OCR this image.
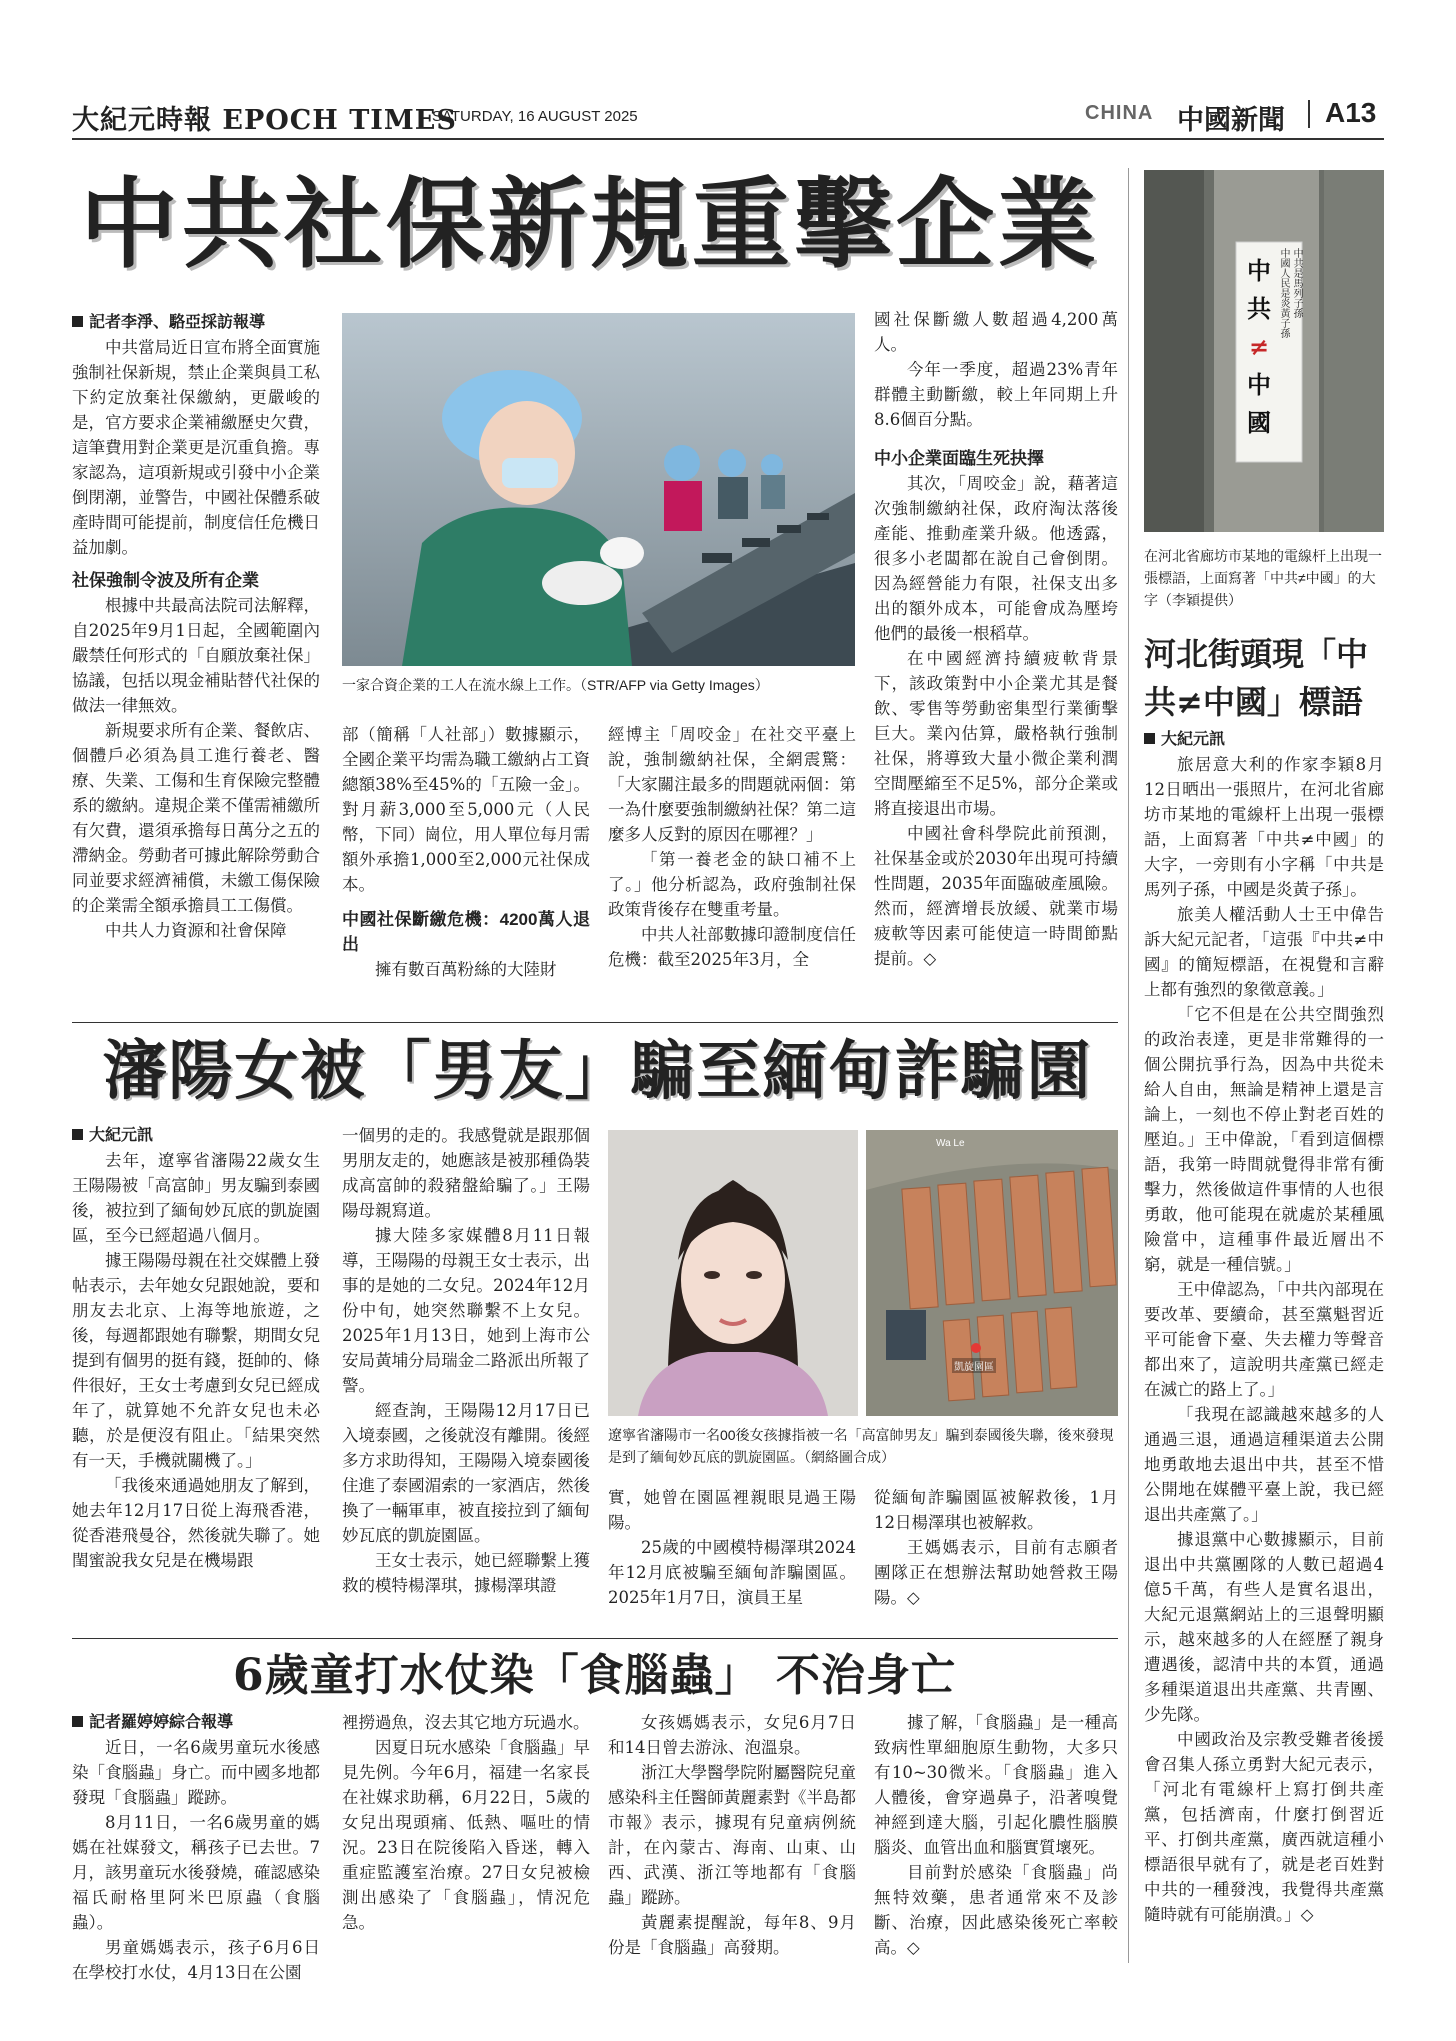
大紀元時報 EPOCH TIMES
SATURDAY, 16 AUGUST 2025	CHINA 中國新聞 A13
中共社保新規重擊企業

記者李淨、駱亞採訪報導

中共當局近日宣布將全面實施強制社保新規，禁止企業與員工私下約定放棄社保繳納，更嚴峻的是，官方要求企業補繳歷史欠費，這筆費用對企業更是沉重負擔。專家認為，這項新規或引發中小企業倒閉潮，並警告，中國社保體系破產時間可能提前，制度信任危機日益加劇。

社保強制令波及所有企業

根據中共最高法院司法解釋，自2025年9月1日起，全國範圍內嚴禁任何形式的「自願放棄社保」協議，包括以現金補貼替代社保的做法一律無效。

新規要求所有企業、餐飲店、個體戶必須為員工進行養老、醫療、失業、工傷和生育保險完整體系的繳納。違規企業不僅需補繳所有欠費，還須承擔每日萬分之五的滯納金。勞動者可據此解除勞動合同並要求經濟補償，未繳工傷保險的企業需全額承擔員工工傷償。

中共人力資源和社會保障

一家合資企業的工人在流水線上工作。（STR/AFP via Getty Images）

部（簡稱「人社部」）數據顯示，全國企業平均需為職工繳納占工資總額38%至45%的「五險一金」。對月薪3,000至5,000元（人民幣，下同）崗位，用人單位每月需額外承擔1,000至2,000元社保成本。

中國社保斷繳危機：4200萬人退出

擁有數百萬粉絲的大陸財

經博主「周咬金」在社交平臺上說，強制繳納社保，全網震驚：「大家關注最多的問題就兩個：第一為什麼要強制繳納社保？第二這麼多人反對的原因在哪裡？」

「第一養老金的缺口補不上了。」他分析認為，政府強制社保政策背後存在雙重考量。

中共人社部數據印證制度信任危機：截至2025年3月，全

國社保斷繳人數超過4,200萬人。

今年一季度，超過23%青年群體主動斷繳，較上年同期上升8.6個百分點。

中小企業面臨生死抉擇

其次，「周咬金」說，藉著這次強制繳納社保，政府淘汰落後產能、推動產業升級。他透露，很多小老闆都在說自己會倒閉。因為經營能力有限，社保支出多出的額外成本，可能會成為壓垮他們的最後一根稻草。

在中國經濟持續疲軟背景下，該政策對中小企業尤其是餐飲、零售等勞動密集型行業衝擊巨大。業內估算，嚴格執行強制社保，將導致大量小微企業利潤空間壓縮至不足5%，部分企業或將直接退出市場。

中國社會科學院此前預測，社保基金或於2030年出現可持續性問題，2035年面臨破產風險。然而，經濟增長放緩、就業市場疲軟等因素可能使這一時間節點提前。◇

中共是馬列子孫
中國人民是炎黃子孫
中
共
≠
中
國
在河北省廊坊市某地的電線杆上出現一張標語，上面寫著「中共≠中國」的大字（李穎提供）
河北街頭現「中共≠中國」標語

大紀元訊

旅居意大利的作家李穎8月12日晒出一張照片，在河北省廊坊市某地的電線杆上出現一張標語，上面寫著「中共≠中國」的大字，一旁則有小字稱「中共是馬列子孫，中國是炎黃子孫」。

旅美人權活動人士王中偉告訴大紀元記者，「這張『中共≠中國』的簡短標語，在視覺和言辭上都有強烈的象徵意義。」

「它不但是在公共空間強烈的政治表達，更是非常難得的一個公開抗爭行為，因為中共從未給人自由，無論是精神上還是言論上，一刻也不停止對老百姓的壓迫。」王中偉說，「看到這個標語，我第一時間就覺得非常有衝擊力，然後做這件事情的人也很勇敢，他可能現在就處於某種風險當中，這種事件最近層出不窮，就是一種信號。」

王中偉認為，「中共內部現在要改革、要續命，甚至黨魁習近平可能會下臺、失去權力等聲音都出來了，這說明共產黨已經走在滅亡的路上了。」

「我現在認識越來越多的人通過三退，通過這種渠道去公開地勇敢地去退出中共，甚至不惜公開地在媒體平臺上說，我已經退出共產黨了。」

據退黨中心數據顯示，目前退出中共黨團隊的人數已超過4億5千萬，有些人是實名退出，大紀元退黨網站上的三退聲明顯示，越來越多的人在經歷了親身遭遇後，認清中共的本質，通過多種渠道退出共產黨、共青團、少先隊。

中國政治及宗教受難者後援會召集人孫立勇對大紀元表示，「河北有電線杆上寫打倒共產黨，包括濟南，什麼打倒習近平、打倒共產黨，廣西就這種小標語很早就有了，就是老百姓對中共的一種發洩，我覺得共產黨隨時就有可能崩潰。」◇

瀋陽女被「男友」騙至緬甸詐騙園

大紀元訊

去年，遼寧省瀋陽22歲女生王陽陽被「高富帥」男友騙到泰國後，被拉到了緬甸妙瓦底的凱旋園區，至今已經超過八個月。

據王陽陽母親在社交媒體上發帖表示，去年她女兒跟她說，要和朋友去北京、上海等地旅遊，之後，每週都跟她有聯繫，期間女兒提到有個男的挺有錢，挺帥的、條件很好，王女士考慮到女兒已經成年了，就算她不允許女兒也未必聽，於是便沒有阻止。「結果突然有一天，手機就關機了。」

「我後來通過她朋友了解到，她去年12月17日從上海飛香港，從香港飛曼谷，然後就失聯了。她閨蜜說我女兒是在機場跟

一個男的走的。我感覺就是跟那個男朋友走的，她應該是被那種偽裝成高富帥的殺豬盤給騙了。」王陽陽母親寫道。

據大陸多家媒體8月11日報導，王陽陽的母親王女士表示，出事的是她的二女兒。2024年12月份中旬，她突然聯繫不上女兒。2025年1月13日，她到上海市公安局黃埔分局瑞金二路派出所報了警。

經查詢，王陽陽12月17日已入境泰國，之後就沒有離開。後經多方求助得知，王陽陽入境泰國後住進了泰國湄索的一家酒店，然後換了一輛軍車，被直接拉到了緬甸妙瓦底的凱旋園區。

王女士表示，她已經聯繫上獲救的模特楊澤琪，據楊澤琪證

Wa Le
凱旋園區
遼寧省瀋陽市一名00後女孩據指被一名「高富帥男友」騙到泰國後失聯，後來發現是到了緬甸妙瓦底的凱旋園區。（網絡圖合成）

實，她曾在園區裡親眼見過王陽陽。

25歲的中國模特楊澤琪2024年12月底被騙至緬甸詐騙園區。2025年1月7日，演員王星

從緬甸詐騙園區被解救後，1月12日楊澤琪也被解救。

王媽媽表示，目前有志願者團隊正在想辦法幫助她營救王陽陽。◇

6歲童打水仗染「食腦蟲」 不治身亡

記者羅婷婷綜合報導

近日，一名6歲男童玩水後感染「食腦蟲」身亡。而中國多地都發現「食腦蟲」蹤跡。

8月11日，一名6歲男童的媽媽在社媒發文，稱孩子已去世。7月，該男童玩水後發燒，確認感染福氏耐格里阿米巴原蟲（食腦蟲）。

男童媽媽表示，孩子6月6日在學校打水仗，4月13日在公園

裡撈過魚，沒去其它地方玩過水。

因夏日玩水感染「食腦蟲」早見先例。今年6月，福建一名家長在社媒求助稱，6月22日，5歲的女兒出現頭痛、低熱、嘔吐的情況。23日在院後陷入昏迷，轉入重症監護室治療。27日女兒被檢測出感染了「食腦蟲」，情況危急。

女孩媽媽表示，女兒6月7日和14日曾去游泳、泡溫泉。

浙江大學醫學院附屬醫院兒童感染科主任醫師黃麗素對《半島都市報》表示，據現有兒童病例統計，在內蒙古、海南、山東、山西、武漢、浙江等地都有「食腦蟲」蹤跡。

黃麗素提醒說，每年8、9月份是「食腦蟲」高發期。

據了解，「食腦蟲」是一種高致病性單細胞原生動物，大多只有10~30微米。「食腦蟲」進入人體後，會穿過鼻子，沿著嗅覺神經到達大腦，引起化膿性腦膜腦炎、血管出血和腦實質壞死。

目前對於感染「食腦蟲」尚無特效藥，患者通常來不及診斷、治療，因此感染後死亡率較高。◇
